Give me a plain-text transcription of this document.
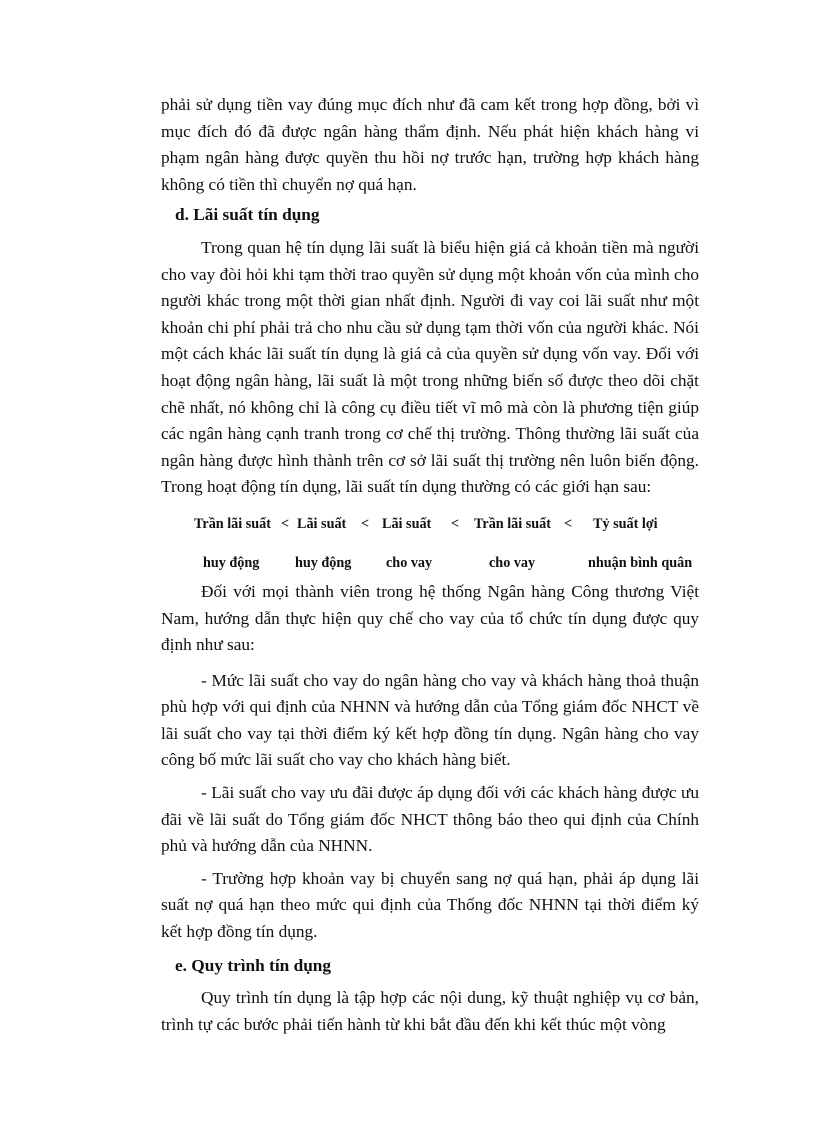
phải sử dụng tiền vay đúng mục đích như đã cam kết trong hợp đồng, bởi vì mục đích đó đã được ngân hàng thẩm định. Nếu phát hiện khách hàng vi phạm ngân hàng được quyền thu hồi nợ trước hạn, trường hợp khách hàng không có tiền thì chuyển nợ quá hạn.

d. Lãi suất tín dụng

Trong quan hệ tín dụng lãi suất là biểu hiện giá cả khoản tiền mà người cho vay đòi hỏi khi tạm thời trao quyền sử dụng một khoản vốn của mình cho người khác trong một thời gian nhất định. Người đi vay coi lãi suất như một khoản chi phí phải trả cho nhu cầu sử dụng tạm thời vốn của người khác. Nói một cách khác lãi suất tín dụng là giá cả của quyền sử dụng vốn vay. Đối với hoạt động ngân hàng, lãi suất là một trong những biến số được theo dõi chặt chẽ nhất, nó không chỉ là công cụ điều tiết vĩ mô mà còn là phương tiện giúp các ngân hàng cạnh tranh trong cơ chế thị trường. Thông thường lãi suất của ngân hàng được hình thành trên cơ sở lãi suất thị trường nên luôn biến động. Trong hoạt động tín dụng, lãi suất tín dụng thường có các giới hạn sau:

Trần lãi suất < Lãi suất < Lãi suất < Trần lãi suất < Tỷ suất lợi
huy động	huy động cho vay	cho vay	nhuận bình quân

Đối với mọi thành viên trong hệ thống Ngân hàng Công thương Việt Nam, hướng dẫn thực hiện quy chế cho vay của tổ chức tín dụng được quy định như sau:

- Mức lãi suất cho vay do ngân hàng cho vay và khách hàng thoả thuận phù hợp với qui định của NHNN và hướng dẫn của Tổng giám đốc NHCT về lãi suất cho vay tại thời điểm ký kết hợp đồng tín dụng. Ngân hàng cho vay công bố mức lãi suất cho vay cho khách hàng biết.

- Lãi suất cho vay ưu đãi được áp dụng đối với các khách hàng được ưu đãi về lãi suất do Tổng giám đốc NHCT thông báo theo qui định của Chính phủ và hướng dẫn của NHNN.

- Trường hợp khoản vay bị chuyển sang nợ quá hạn, phải áp dụng lãi suất nợ quá hạn theo mức qui định của Thống đốc NHNN tại thời điểm ký kết hợp đồng tín dụng.

e. Quy trình tín dụng

Quy trình tín dụng là tập hợp các nội dung, kỹ thuật nghiệp vụ cơ bản, trình tự các bước phải tiến hành từ khi bắt đầu đến khi kết thúc một vòng
